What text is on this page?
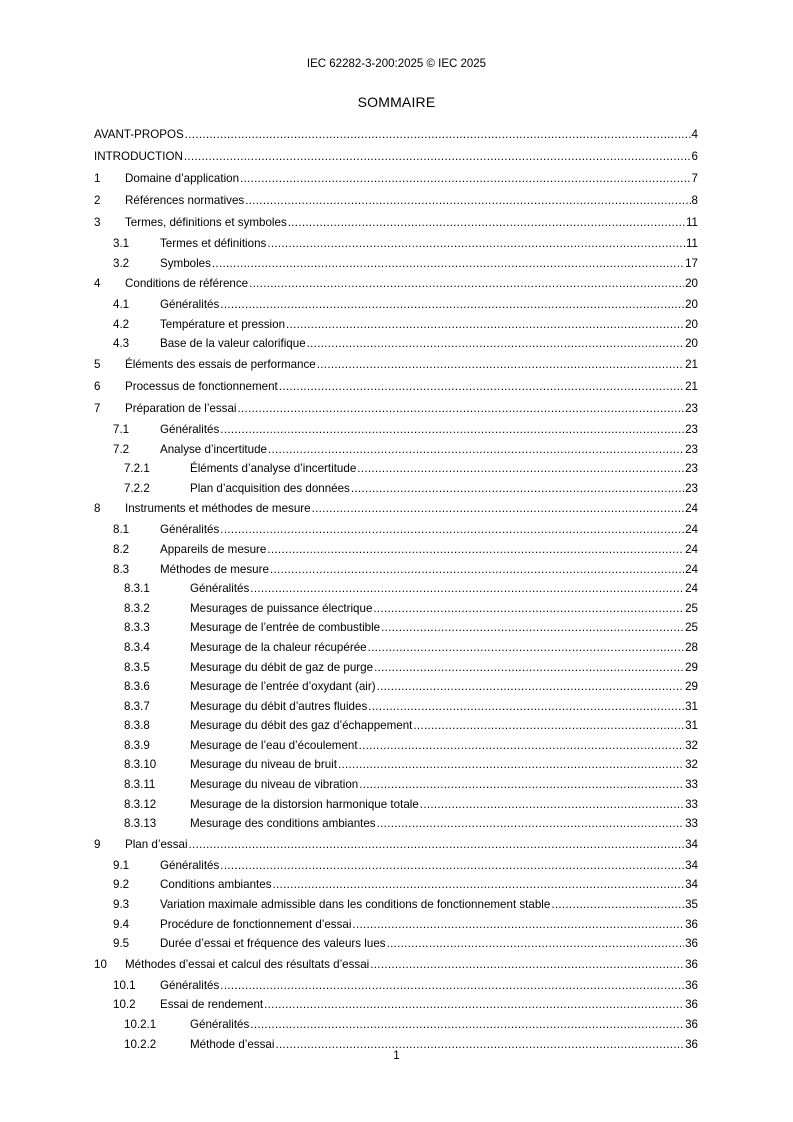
IEC 62282-3-200:2025 © IEC 2025
SOMMAIRE
AVANT-PROPOS .....	4
INTRODUCTION .....	6
1	Domaine d’application .....	7
2	Références normatives .....	8
3	Termes, définitions et symboles .....	11
3.1	Termes et définitions .....	11
3.2	Symboles .....	17
4	Conditions de référence .....	20
4.1	Généralités .....	20
4.2	Température et pression .....	20
4.3	Base de la valeur calorifique .....	20
5	Éléments des essais de performance .....	21
6	Processus de fonctionnement .....	21
7	Préparation de l’essai .....	23
7.1	Généralités .....	23
7.2	Analyse d’incertitude .....	23
7.2.1	Éléments d’analyse d’incertitude .....	23
7.2.2	Plan d’acquisition des données .....	23
8	Instruments et méthodes de mesure .....	24
8.1	Généralités .....	24
8.2	Appareils de mesure .....	24
8.3	Méthodes de mesure .....	24
8.3.1	Généralités .....	24
8.3.2	Mesurages de puissance électrique .....	25
8.3.3	Mesurage de l’entrée de combustible .....	25
8.3.4	Mesurage de la chaleur récupérée .....	28
8.3.5	Mesurage du débit de gaz de purge .....	29
8.3.6	Mesurage de l’entrée d’oxydant (air) .....	29
8.3.7	Mesurage du débit d’autres fluides .....	31
8.3.8	Mesurage du débit des gaz d’échappement .....	31
8.3.9	Mesurage de l’eau d’écoulement .....	32
8.3.10	Mesurage du niveau de bruit .....	32
8.3.11	Mesurage du niveau de vibration .....	33
8.3.12	Mesurage de la distorsion harmonique totale .....	33
8.3.13	Mesurage des conditions ambiantes .....	33
9	Plan d’essai .....	34
9.1	Généralités .....	34
9.2	Conditions ambiantes .....	34
9.3	Variation maximale admissible dans les conditions de fonctionnement stable .....	35
9.4	Procédure de fonctionnement d’essai .....	36
9.5	Durée d’essai et fréquence des valeurs lues .....	36
10	Méthodes d’essai et calcul des résultats d’essai .....	36
10.1 Généralités .....	36
10.2 Essai de rendement .....	36
10.2.1	Généralités .....	36
10.2.2	Méthode d’essai .....	36
1
